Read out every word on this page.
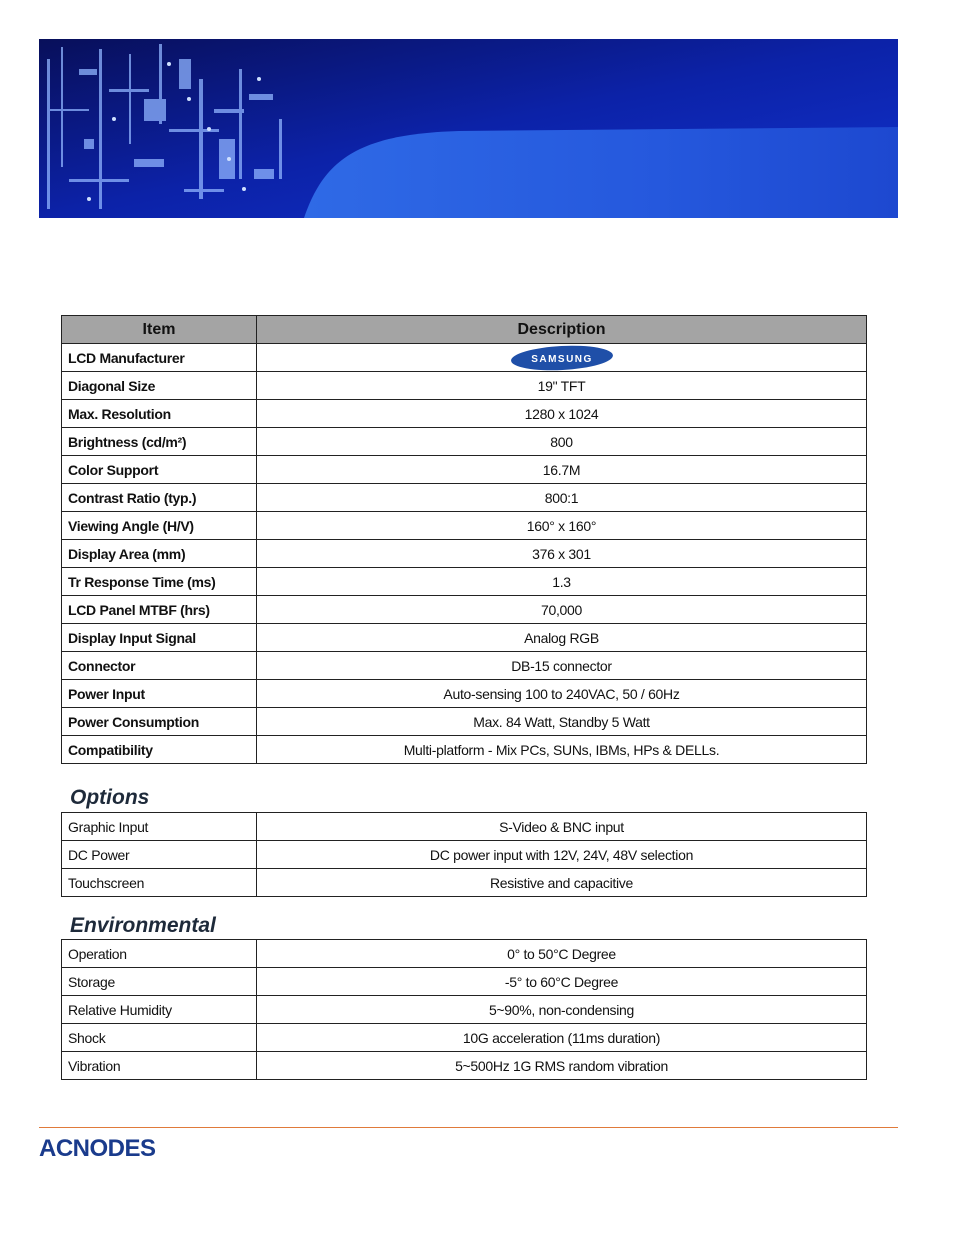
Item	Description
LCD Manufacturer	SAMSUNG

Diagonal Size	19" TFT
Max. Resolution	1280 x 1024
Brightness (cd/m²)	800
Color Support	16.7M
Contrast Ratio (typ.)	800:1
Viewing Angle (H/V)	160° x 160°
Display Area (mm)	376 x 301
Tr Response Time (ms)	1.3
LCD Panel MTBF (hrs)	70,000
Display Input Signal	Analog RGB
Connector	DB-15 connector
Power Input	Auto-sensing 100 to 240VAC, 50 / 60Hz
Power Consumption	Max. 84 Watt, Standby 5 Watt
Compatibility	Multi-platform - Mix PCs, SUNs, IBMs, HPs & DELLs.
Options
Graphic Input	S-Video & BNC input
DC Power	DC power input with 12V, 24V, 48V selection
Touchscreen	Resistive and capacitive
Environmental
Operation	0° to 50°C Degree
Storage	-5° to 60°C Degree
Relative Humidity	5~90%, non-condensing
Shock	10G acceleration (11ms duration)
Vibration	5~500Hz 1G RMS random vibration
ACNODES
